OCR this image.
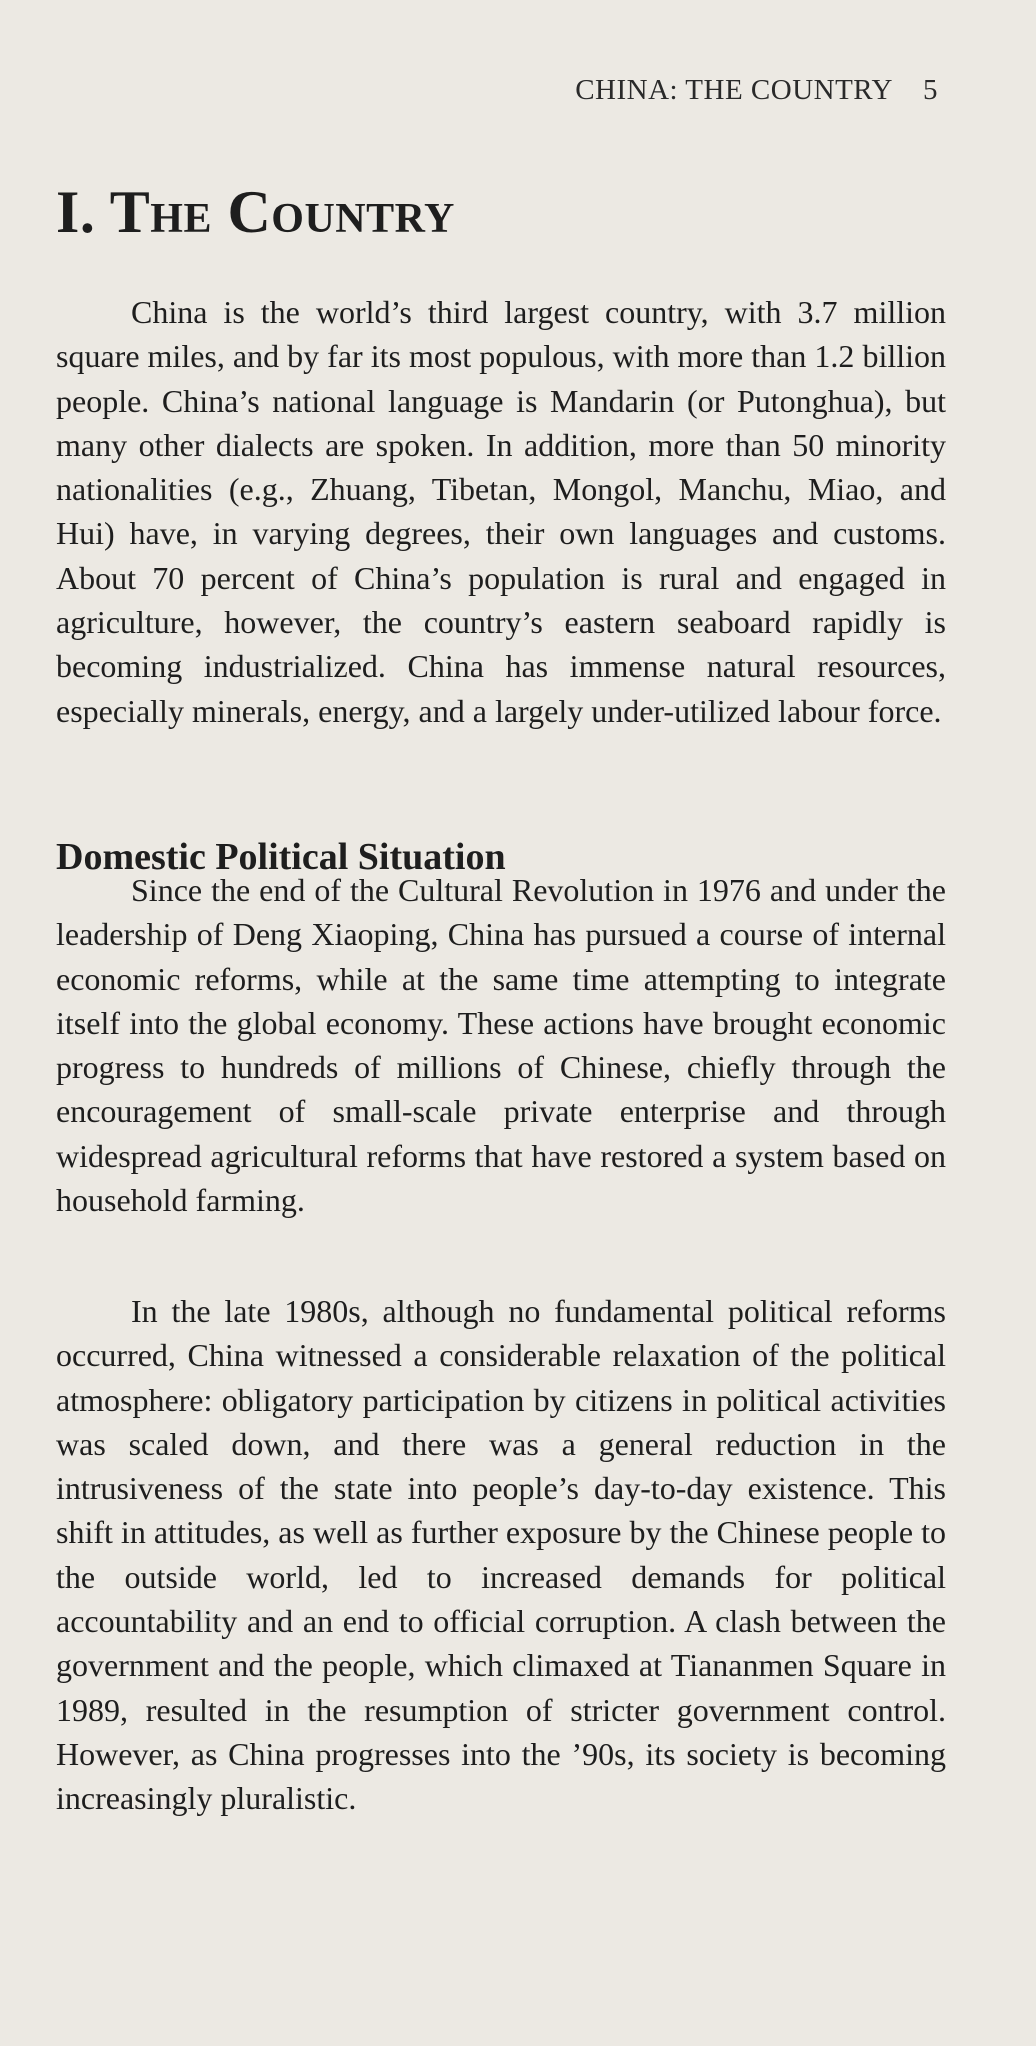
CHINA: THE COUNTRY 5
I. The Country

China is the world’s third largest country, with 3.7 million square miles, and by far its most populous, with more than 1.2 billion people. China’s national language is Mandarin (or Putonghua), but many other dialects are spoken. In addition, more than 50 minority nationalities (e.g., Zhuang, Tibetan, Mongol, Manchu, Miao, and Hui) have, in varying degrees, their own languages and customs. About 70 percent of China’s population is rural and engaged in agriculture, however, the country’s eastern seaboard rapidly is becoming industrialized. China has immense natural resources, especially minerals, energy, and a largely under-utilized labour force.

Domestic Political Situation

Since the end of the Cultural Revolution in 1976 and under the leadership of Deng Xiaoping, China has pursued a course of internal economic reforms, while at the same time attempting to integrate itself into the global economy. These actions have brought economic progress to hundreds of millions of Chinese, chiefly through the encouragement of small-scale private enterprise and through widespread agricultural reforms that have restored a system based on household farming.

In the late 1980s, although no fundamental political reforms occurred, China witnessed a considerable relaxation of the political atmosphere: obligatory participation by citizens in political activities was scaled down, and there was a general reduction in the intrusiveness of the state into people’s day-to-day existence. This shift in attitudes, as well as further exposure by the Chinese people to the outside world, led to increased demands for political accountability and an end to official corruption. A clash between the government and the people, which climaxed at Tiananmen Square in 1989, resulted in the resumption of stricter government control. However, as China progresses into the ’90s, its society is becoming increasingly pluralistic.
